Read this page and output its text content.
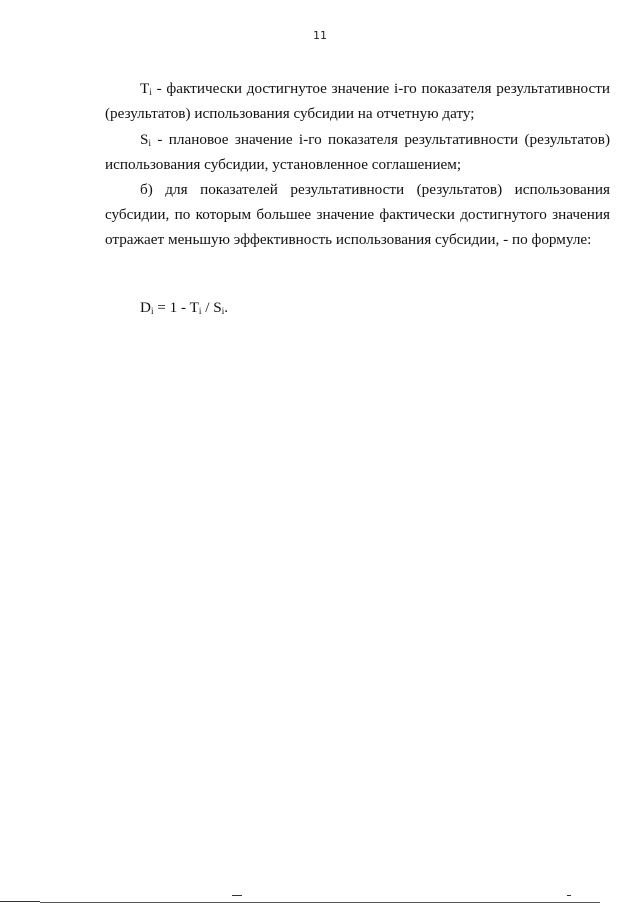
11

$T_i$ - фактически достигнутое значение i-го показателя результативности (результатов) использования субсидии на отчетную дату;

$S_i$ - плановое значение i-го показателя результативности (результатов) использования субсидии, установленное соглашением;

б) для показателей результативности (результатов) использования субсидии, по которым большее значение фактически достигнутого значения отражает меньшую эффективность использования субсидии, - по формуле:

$D_i = 1 - T_i / S_i$.
